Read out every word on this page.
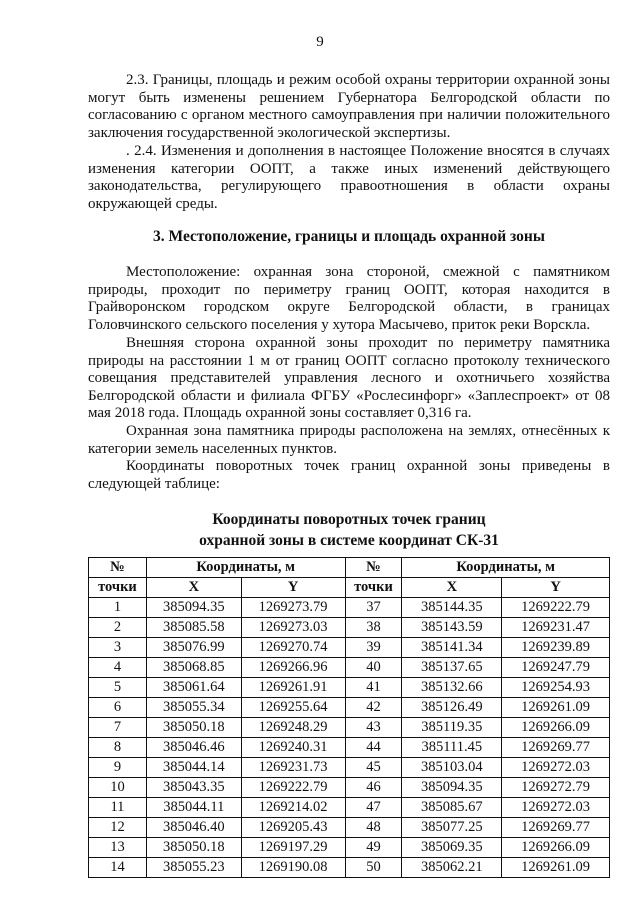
9

2.3. Границы, площадь и режим особой охраны территории охранной зоны могут быть изменены решением Губернатора Белгородской области по согласованию с органом местного самоуправления при наличии положительного заключения государственной экологической экспертизы.

. 2.4. Изменения и дополнения в настоящее Положение вносятся в случаях изменения категории ООПТ, а также иных изменений действующего законодательства, регулирующего правоотношения в области охраны окружающей среды.

3. Местоположение, границы и площадь охранной зоны

Местоположение: охранная зона стороной, смежной с памятником природы, проходит по периметру границ ООПТ, которая находится в Грайворонском городском округе Белгородской области, в границах Головчинского сельского поселения у хутора Масычево, приток реки Ворскла.

Внешняя сторона охранной зоны проходит по периметру памятника природы на расстоянии 1 м от границ ООПТ согласно протоколу технического совещания представителей управления лесного и охотничьего хозяйства Белгородской области и филиала ФГБУ «Рослесинфорг» «Заплеспроект» от 08 мая 2018 года. Площадь охранной зоны составляет 0,316 га.

Охранная зона памятника природы расположена на землях, отнесённых к категории земель населенных пунктов.

Координаты поворотных точек границ охранной зоны приведены в следующей таблице:

Координаты поворотных точек границ
охранной зоны в системе координат СК-31
№	Координаты, м		№	Координаты, м	
точки	X	Y	точки	X	Y
1	385094.35	1269273.79	37	385144.35	1269222.79
2	385085.58	1269273.03	38	385143.59	1269231.47
3	385076.99	1269270.74	39	385141.34	1269239.89
4	385068.85	1269266.96	40	385137.65	1269247.79
5	385061.64	1269261.91	41	385132.66	1269254.93
6	385055.34	1269255.64	42	385126.49	1269261.09
7	385050.18	1269248.29	43	385119.35	1269266.09
8	385046.46	1269240.31	44	385111.45	1269269.77
9	385044.14	1269231.73	45	385103.04	1269272.03
10	385043.35	1269222.79	46	385094.35	1269272.79
11	385044.11	1269214.02	47	385085.67	1269272.03
12	385046.40	1269205.43	48	385077.25	1269269.77
13	385050.18	1269197.29	49	385069.35	1269266.09
14	385055.23	1269190.08	50	385062.21	1269261.09
